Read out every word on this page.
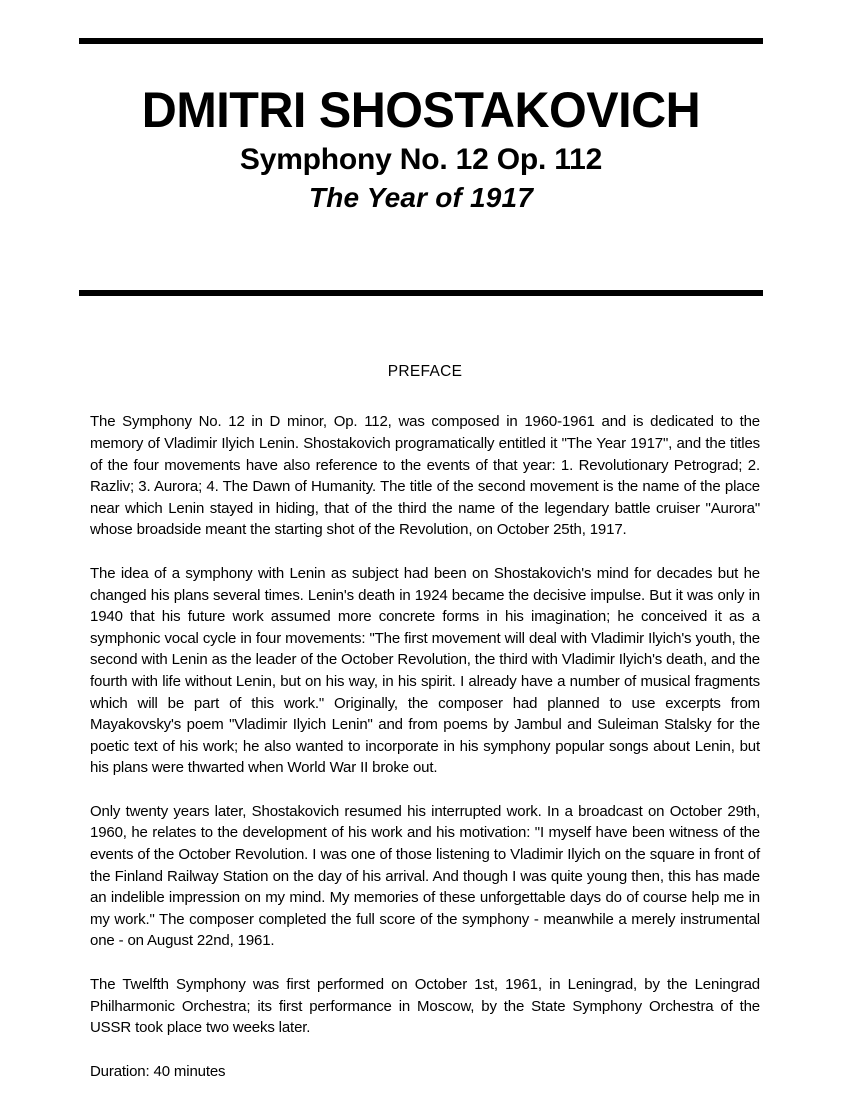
DMITRI SHOSTAKOVICH
Symphony No. 12 Op. 112
The Year of 1917
PREFACE

The Symphony No. 12 in D minor, Op. 112, was composed in 1960-1961 and is dedicated to the memory of Vladimir Ilyich Lenin. Shostakovich programatically entitled it "The Year 1917", and the titles of the four movements have also reference to the events of that year: 1. Revolutionary Petrograd; 2. Razliv; 3. Aurora; 4. The Dawn of Humanity. The title of the second movement is the name of the place near which Lenin stayed in hiding, that of the third the name of the legendary battle cruiser "Aurora" whose broadside meant the starting shot of the Revolution, on October 25th, 1917.

The idea of a symphony with Lenin as subject had been on Shostakovich's mind for decades but he changed his plans several times. Lenin's death in 1924 became the decisive impulse. But it was only in 1940 that his future work assumed more concrete forms in his imagination; he conceived it as a symphonic vocal cycle in four movements: "The first movement will deal with Vladimir Ilyich's youth, the second with Lenin as the leader of the October Revolution, the third with Vladimir Ilyich's death, and the fourth with life without Lenin, but on his way, in his spirit. I already have a number of musical fragments which will be part of this work." Originally, the composer had planned to use excerpts from Mayakovsky's poem "Vladimir Ilyich Lenin" and from poems by Jambul and Suleiman Stalsky for the poetic text of his work; he also wanted to incorporate in his symphony popular songs about Lenin, but his plans were thwarted when World War II broke out.

Only twenty years later, Shostakovich resumed his interrupted work. In a broadcast on October 29th, 1960, he relates to the development of his work and his motivation: "I myself have been witness of the events of the October Revolution. I was one of those listening to Vladimir Ilyich on the square in front of the Finland Railway Station on the day of his arrival. And though I was quite young then, this has made an indelible impression on my mind. My memories of these unforgettable days do of course help me in my work." The composer completed the full score of the symphony - meanwhile a merely instrumental one - on August 22nd, 1961.

The Twelfth Symphony was first performed on October 1st, 1961, in Leningrad, by the Leningrad Philharmonic Orchestra; its first performance in Moscow, by the State Symphony Orchestra of the USSR took place two weeks later.

Duration: 40 minutes
